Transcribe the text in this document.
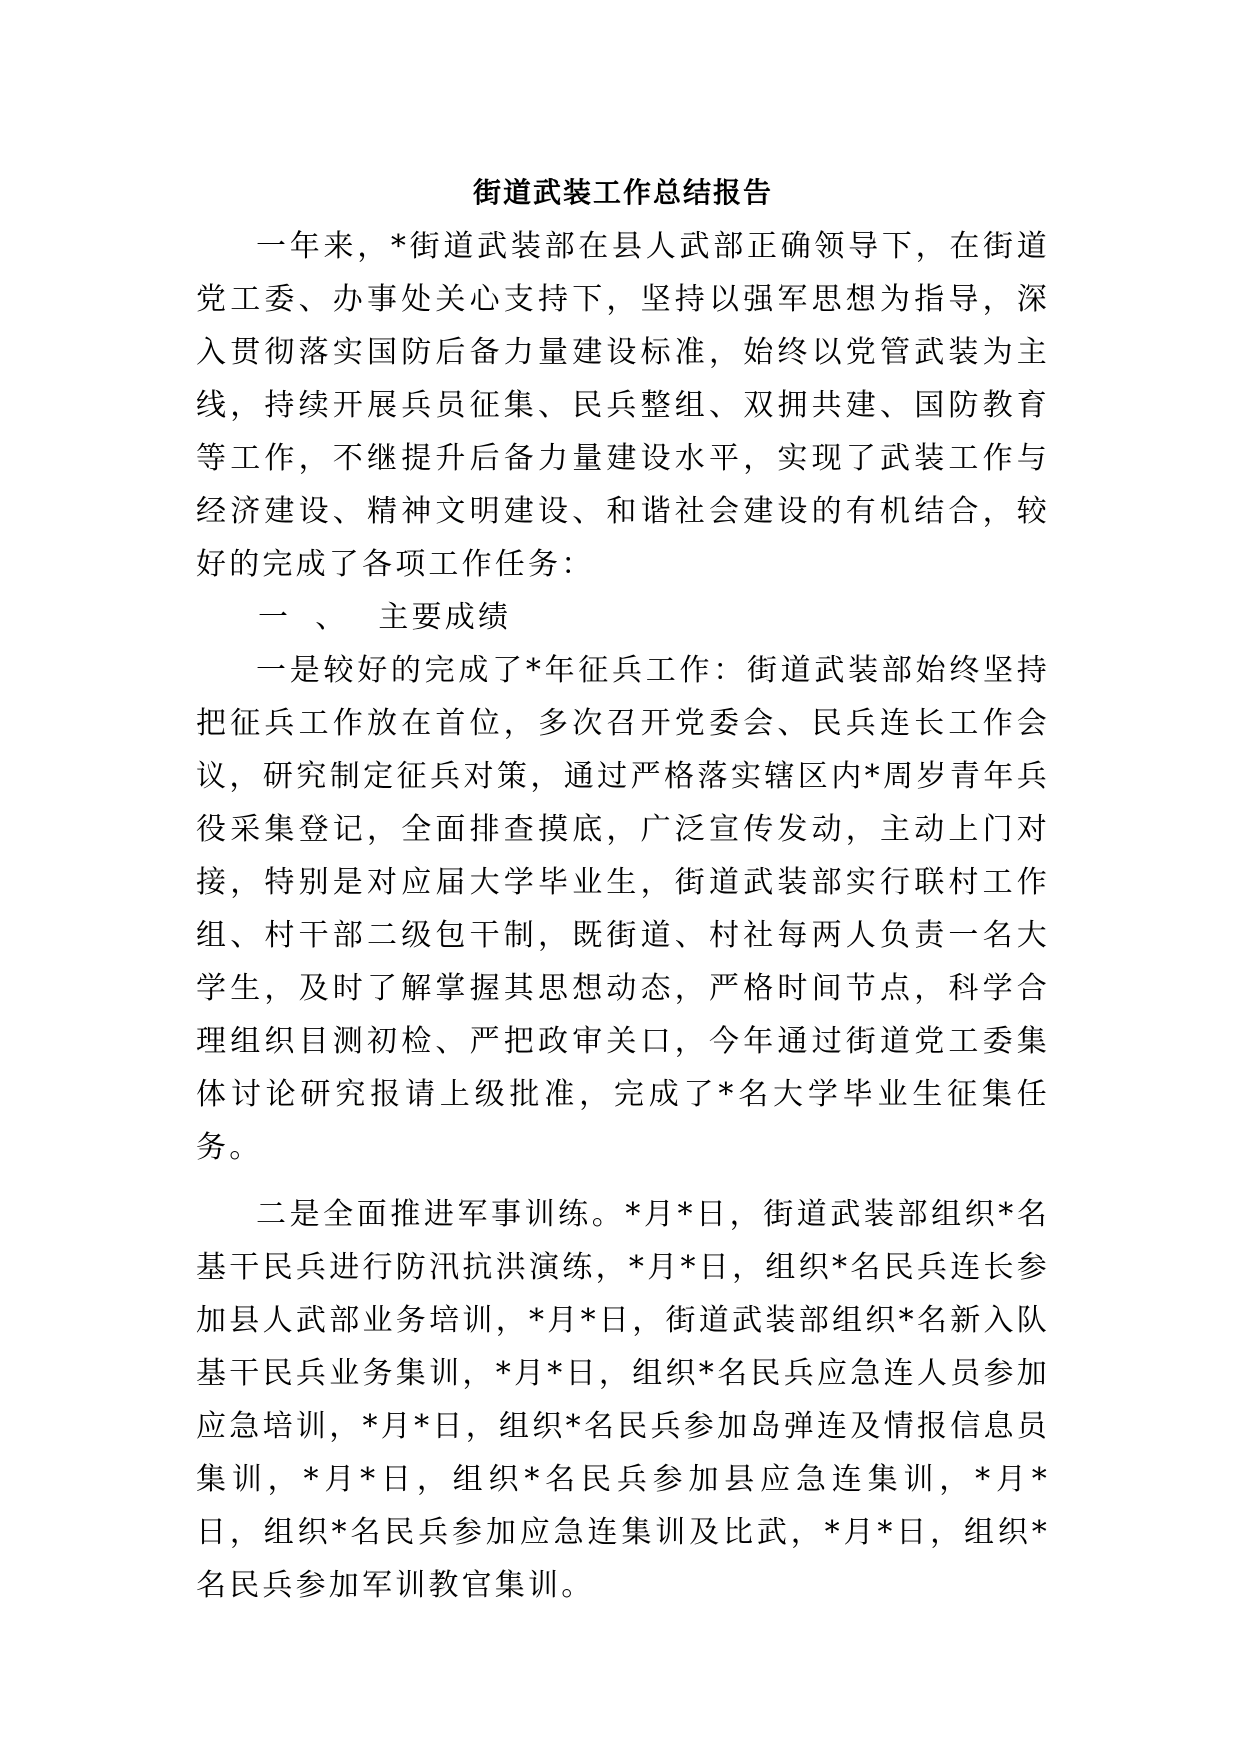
街道武装工作总结报告

一年来，*街道武装部在县人武部正确领导下，在街道党工委、办事处关心支持下，坚持以强军思想为指导，深入贯彻落实国防后备力量建设标准，始终以党管武装为主线，持续开展兵员征集、民兵整组、双拥共建、国防教育等工作，不继提升后备力量建设水平，实现了武装工作与经济建设、精神文明建设、和谐社会建设的有机结合，较好的完成了各项工作任务：

一 、 主要成绩

一是较好的完成了*年征兵工作：街道武装部始终坚持把征兵工作放在首位，多次召开党委会、民兵连长工作会议，研究制定征兵对策，通过严格落实辖区内*周岁青年兵役采集登记，全面排查摸底，广泛宣传发动，主动上门对接，特别是对应届大学毕业生，街道武装部实行联村工作组、村干部二级包干制，既街道、村社每两人负责一名大学生，及时了解掌握其思想动态，严格时间节点，科学合理组织目测初检、严把政审关口，今年通过街道党工委集体讨论研究报请上级批准，完成了*名大学毕业生征集任务。

二是全面推进军事训练。*月*日，街道武装部组织*名基干民兵进行防汛抗洪演练，*月*日，组织*名民兵连长参加县人武部业务培训，*月*日，街道武装部组织*名新入队基干民兵业务集训，*月*日，组织*名民兵应急连人员参加应急培训，*月*日，组织*名民兵参加岛弹连及情报信息员集训，*月*日，组织*名民兵参加县应急连集训，*月*日，组织*名民兵参加应急连集训及比武，*月*日，组织*名民兵参加军训教官集训。
